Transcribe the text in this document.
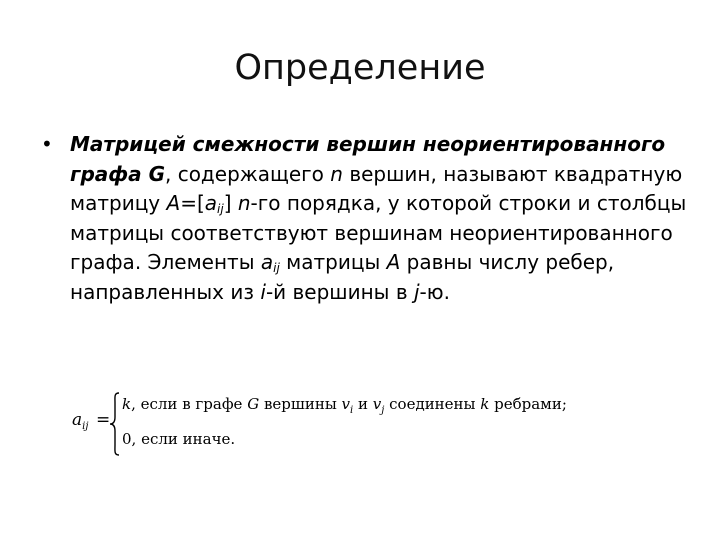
Определение
• Матрицей смежности вершин неориентированного графа G, содержащего n вершин, называют квадратную матрицу $A=[a_{ij}]$ n-го порядка, у которой строки и столбцы матрицы соответствуют вершинам неориентированного графа. Элементы $a_{ij}$ матрицы A равны числу ребер, направленных из i-й вершины в j-ю.
$a_{ij}$ =
k, если в графе G вершины $v_i$ и $v_j$ соединены k ребрами;
0, если иначе.
